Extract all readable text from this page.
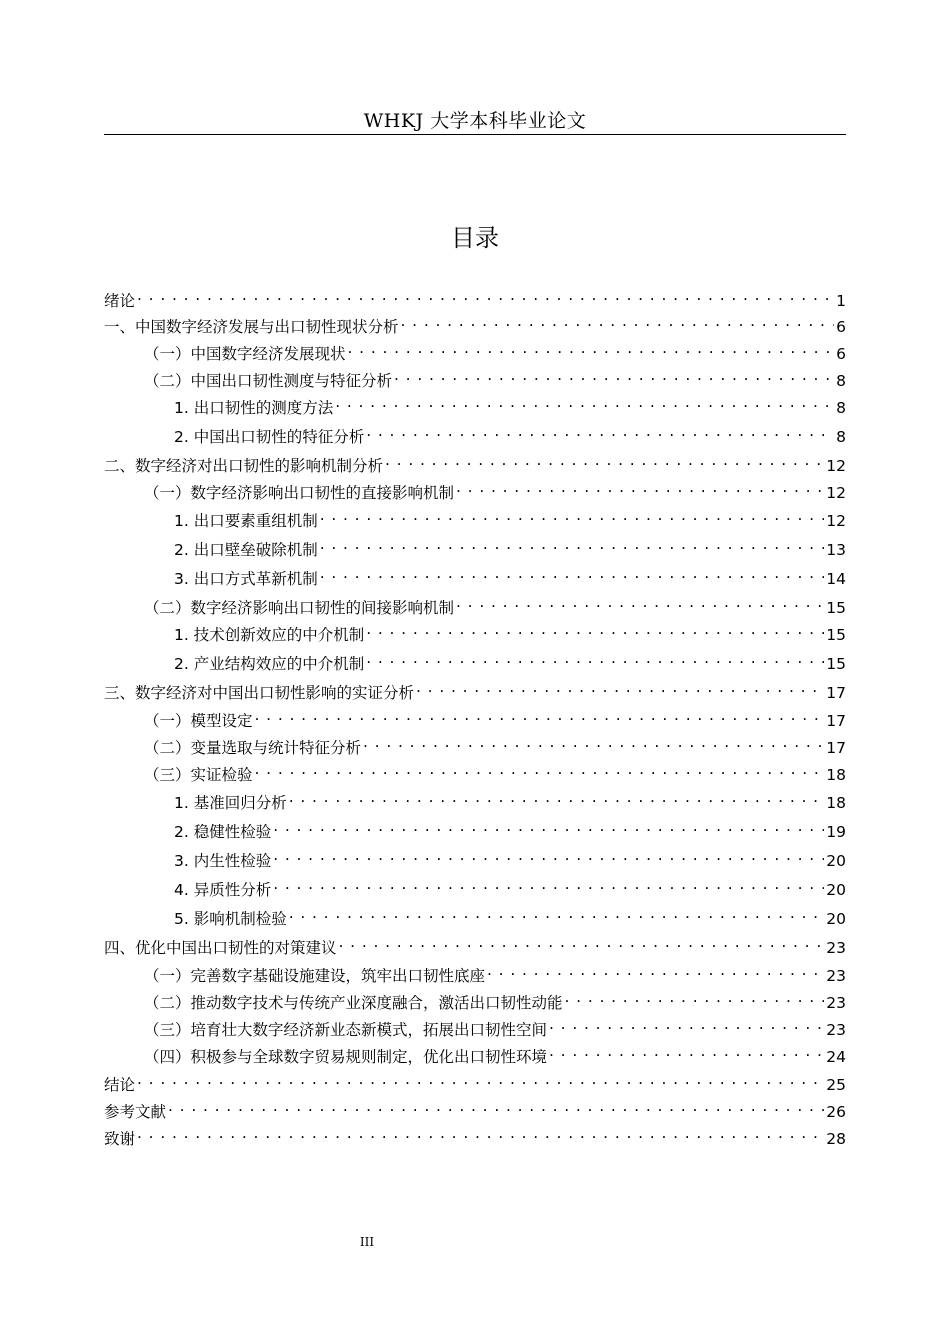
WHKJ 大学本科毕业论文
目录
绪论 . . .	1
一、中国数字经济发展与出口韧性现状分析 . . .	6
（一）中国数字经济发展现状 . . .	6
（二）中国出口韧性测度与特征分析 . . .	8
1. 出口韧性的测度方法 . . .	8
2. 中国出口韧性的特征分析 . . .	8
二、数字经济对出口韧性的影响机制分析 . . .	12
（一）数字经济影响出口韧性的直接影响机制 . . .	12
1. 出口要素重组机制 . . .	12
2. 出口壁垒破除机制 . . .	13
3. 出口方式革新机制 . . .	14
（二）数字经济影响出口韧性的间接影响机制 . . .	15
1. 技术创新效应的中介机制 . . .	15
2. 产业结构效应的中介机制 . . .	15
三、数字经济对中国出口韧性影响的实证分析 . . .	17
（一）模型设定 . . .	17
（二）变量选取与统计特征分析 . . .	17
（三）实证检验 . . .	18
1. 基准回归分析 . . .	18
2. 稳健性检验 . . .	19
3. 内生性检验 . . .	20
4. 异质性分析 . . .	20
5. 影响机制检验 . . .	20
四、优化中国出口韧性的对策建议 . . .	23
（一）完善数字基础设施建设，筑牢出口韧性底座 . . .	23
（二）推动数字技术与传统产业深度融合，激活出口韧性动能 . . .	23
（三）培育壮大数字经济新业态新模式，拓展出口韧性空间 . . .	23
（四）积极参与全球数字贸易规则制定，优化出口韧性环境 . . .	24
结论 . . .	25
参考文献 . . .	26
致谢 . . .	28
III
